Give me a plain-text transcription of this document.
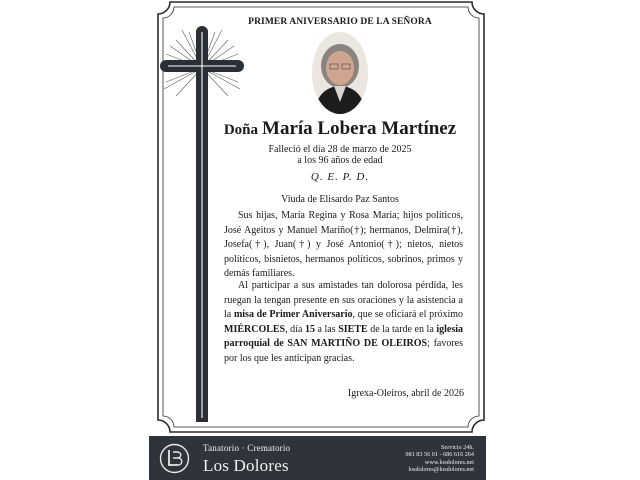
PRIMER ANIVERSARIO DE LA SEÑORA
Doña María Lobera Martínez
Falleció el día 28 de marzo de 2025
a los 96 años de edad
Q. E. P. D.
Viuda de Elisardo Paz Santos

Sus hijas, María Regina y Rosa María; hijos políticos, José Ageitos y Manuel Mariño(†); hermanos, Delmira(†), Josefa(†), Juan(†) y José Antonio(†); nietos, nietos políticos, bisnietos, hermanos políticos, sobrinos, primos y demás familiares.

Al participar a sus amistades tan dolorosa pérdida, les ruegan la tengan presente en sus oraciones y la asistencia a la misa de Primer Aniversario, que se oficiará el próximo MIÉRCOLES, día 15 a las SIETE de la tarde en la iglesia parroquial de SAN MARTIÑO DE OLEIROS; favores por los que les anticipan gracias.

Igrexa-Oleiros, abril de 2026
Tanatorio · Crematorio
Los Dolores
Servicio 24h.
981 83 56 01 - 686 616 264
www.losdolores.net
losdolores@losdolores.net
